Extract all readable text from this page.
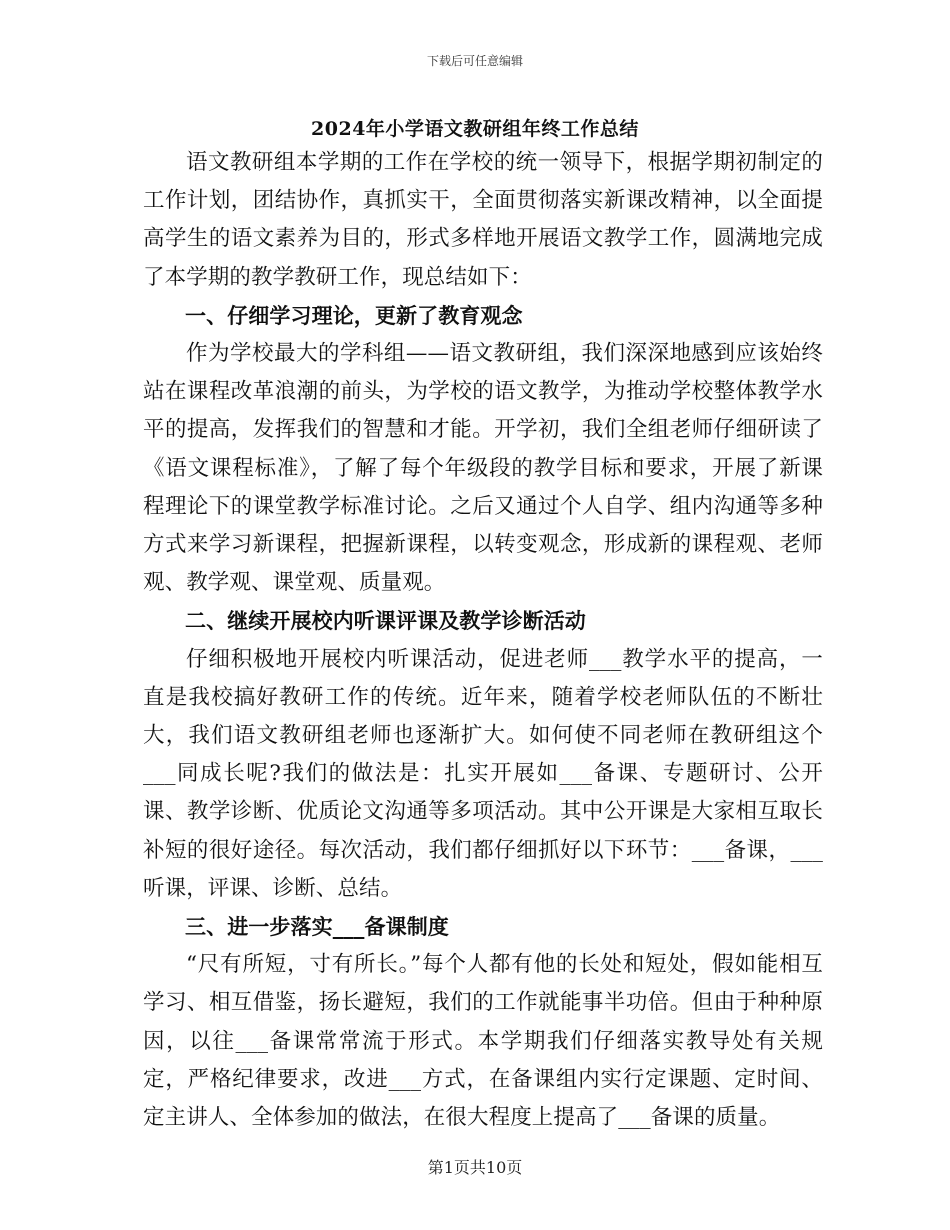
下载后可任意编辑
2024年小学语文教研组年终工作总结

语文教研组本学期的工作在学校的统一领导下，根据学期初制定的工作计划，团结协作，真抓实干，全面贯彻落实新课改精神，以全面提高学生的语文素养为目的，形式多样地开展语文教学工作，圆满地完成了本学期的教学教研工作，现总结如下：

一、仔细学习理论，更新了教育观念

作为学校最大的学科组——语文教研组，我们深深地感到应该始终站在课程改革浪潮的前头，为学校的语文教学，为推动学校整体教学水平的提高，发挥我们的智慧和才能。开学初，我们全组老师仔细研读了《语文课程标准》，了解了每个年级段的教学目标和要求，开展了新课程理论下的课堂教学标准讨论。之后又通过个人自学、组内沟通等多种方式来学习新课程，把握新课程，以转变观念，形成新的课程观、老师观、教学观、课堂观、质量观。

二、继续开展校内听课评课及教学诊断活动

仔细积极地开展校内听课活动，促进老师___教学水平的提高，一直是我校搞好教研工作的传统。近年来，随着学校老师队伍的不断壮大，我们语文教研组老师也逐渐扩大。如何使不同老师在教研组这个___同成长呢?我们的做法是：扎实开展如___备课、专题研讨、公开课、教学诊断、优质论文沟通等多项活动。其中公开课是大家相互取长补短的很好途径。每次活动，我们都仔细抓好以下环节：___备课，___听课，评课、诊断、总结。

三、进一步落实___备课制度

“尺有所短，寸有所长。”每个人都有他的长处和短处，假如能相互学习、相互借鉴，扬长避短，我们的工作就能事半功倍。但由于种种原因，以往___备课常常流于形式。本学期我们仔细落实教导处有关规定，严格纪律要求，改进___方式，在备课组内实行定课题、定时间、定主讲人、全体参加的做法，在很大程度上提高了___备课的质量。

第1页共10页
